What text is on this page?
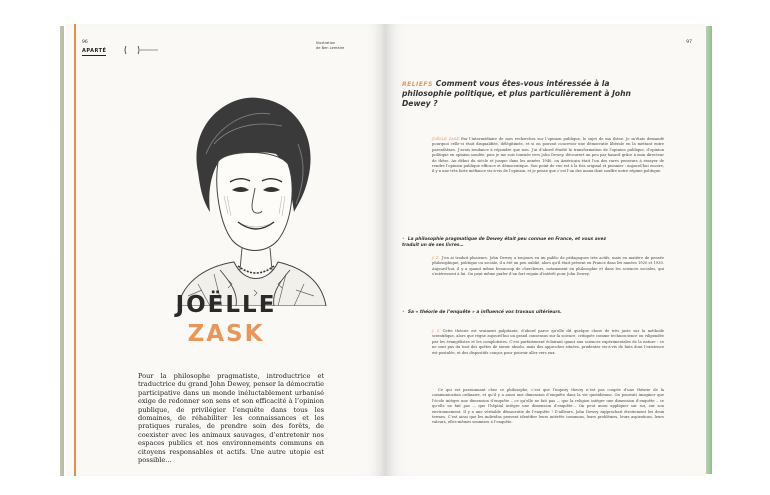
96
APARTÉ
Illustration
de Ben Lemaire
JOËLLE
ZASK
Pour la philosophe pragmatiste, introductrice et traductrice du grand John Dewey, penser la démocratie participative dans un monde inéluctablement urbanisé exige de redonner son sens et son efficacité à l’opinion publique, de privilégier l’enquête dans tous les domaines, de réhabiliter les connaissances et les pratiques rurales, de prendre soin des forêts, de coexister avec les animaux sauvages, d’entretenir nos espaces publics et nos environnements communs en citoyens responsables et actifs. Une autre utopie est possible…
97
RELIEFS Comment vous êtes-vous intéressée à la philosophie politique, et plus particulièrement à John Dewey ?
JOËLLE ZASK Par l’intermédiaire de mes recherches sur l’opinion publique, le sujet de ma thèse. Je m’étais demandé pourquoi celle-ci était disqualifiée, délégitimée, et si on pouvait concevoir une démocratie libérale en la mettant entre parenthèses. J’avais tendance à répondre que non. J’ai d’abord étudié la transformation de l’opinion publique, d’opinion politique en opinion sondée, puis je me suis tournée vers John Dewey, découvert un peu par hasard grâce à mon directeur de thèse. Au début du siècle et jusque dans les années 1940, on Américain était l’un des rares penseurs à essayer de rendre l’opinion publique efficace et démocratique. Son point de vue est à la fois original et pionnier : aujourd’hui encore, il y a une très forte méfiance vis-à-vis de l’opinion, et je pense que c’est l’un des maux dont souffre notre régime politique.
• La philosophie pragmatique de Dewey était peu connue en France, et vous avez traduit un de ses livres…
J. Z. J’en ai traduit plusieurs. John Dewey a toujours eu un public de pédagogues très actifs, mais en matière de pensée philosophique, politique ou sociale, il a été un peu oublié, alors qu’il était présent en France dans les années 1920 et 1930. Aujourd’hui, il y a quand même beaucoup de chercheurs, notamment en philosophie et dans les sciences sociales, qui s’intéressent à lui. On peut même parler d’un fort regain d’intérêt pour John Dewey.
• Sa « théorie de l’enquête » a influencé vos travaux ultérieurs.
J. Z. Cette théorie est vraiment palpitante, d’abord parce qu’elle dit quelque chose de très juste sur la méthode scientifique, alors que règne aujourd’hui un grand consensus sur la science, critiquée comme technoscience ou vilipendée par les évangélistes et les complotistes. C’est parfaitement éclairant quant aux sciences expérimentales de la nature : ce ne sont pas du tout des quêtes de savoir absolu, mais des approches situées, prudentes vis-à-vis de faits dont l’existence est postulée, et des dispositifs conçus pour pouvoir aller vers eux.
Ce qui est passionnant chez ce philosophe, c’est que l’inquiry theory n’est pas coupée d’une théorie de la communication ordinaire, et qu’il y a aussi une dimension d’enquête dans la vie quotidienne. On pourrait imaginer que l’école intègre une dimension d’enquête – ce qu’elle ne fait pas –, que la religion intègre une dimension d’enquête – ce qu’elle ne fait pas –, que l’hôpital intègre une dimension d’enquête… On peut aussi appliquer sur soi, sur son environnement. Il y a une véritable démocratie de l’enquête ! D’ailleurs, John Dewey rapprochait étroitement les deux termes. C’est ainsi que les individus peuvent identifier leurs intérêts communs, leurs problèmes, leurs aspirations, leurs valeurs, elles-mêmes soumises à l’enquête.
